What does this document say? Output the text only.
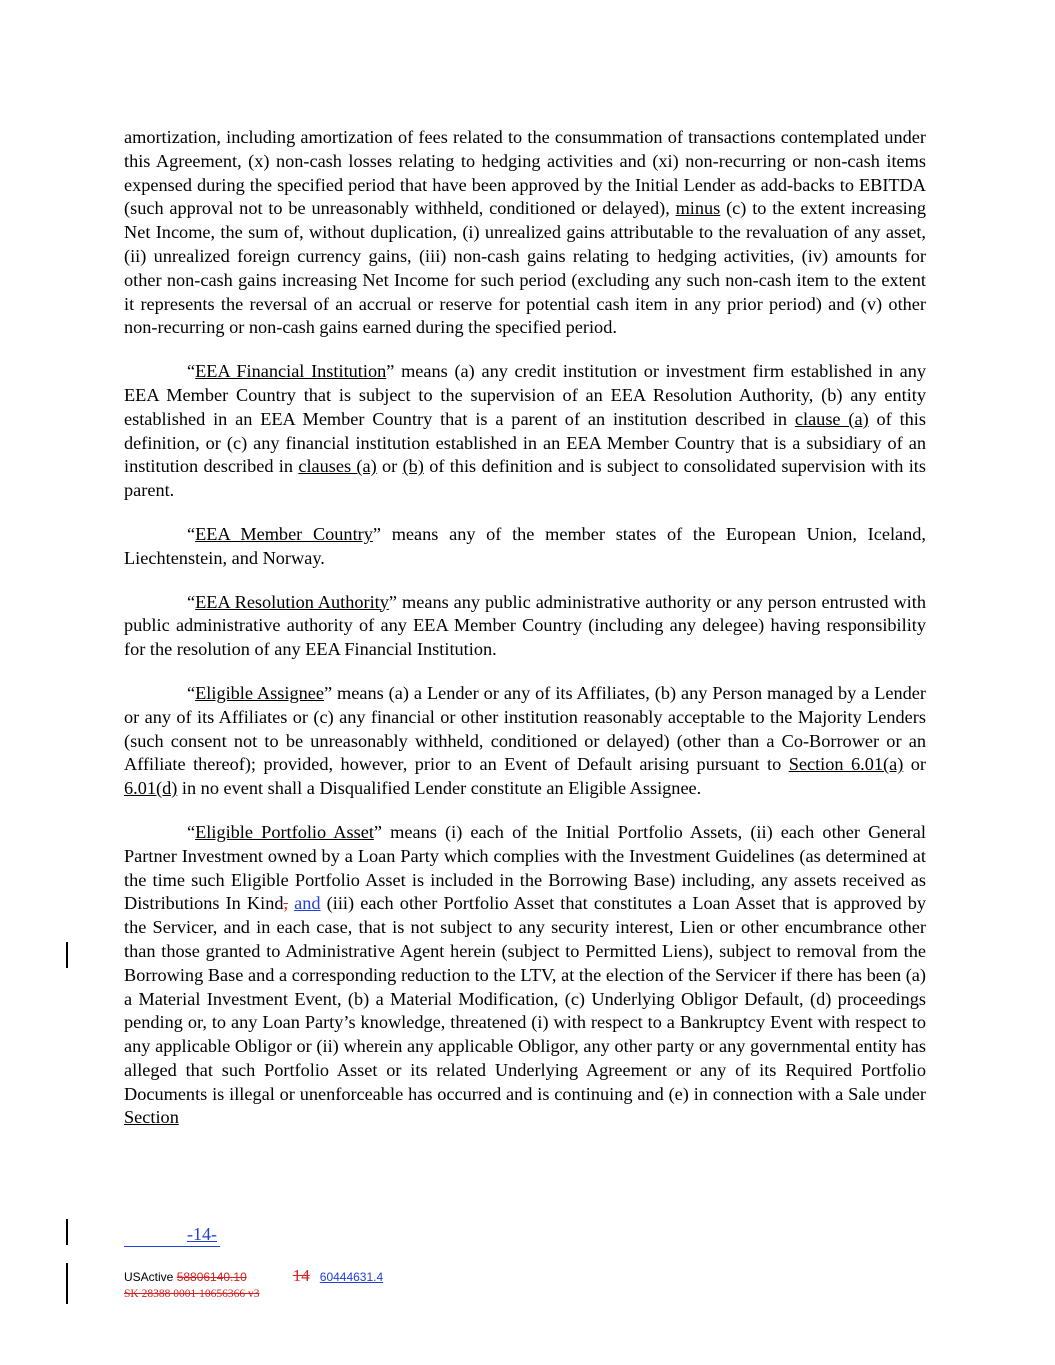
amortization, including amortization of fees related to the consummation of transactions contemplated under this Agreement, (x) non-cash losses relating to hedging activities and (xi) non-recurring or non-cash items expensed during the specified period that have been approved by the Initial Lender as add-backs to EBITDA (such approval not to be unreasonably withheld, conditioned or delayed), minus (c) to the extent increasing Net Income, the sum of, without duplication, (i) unrealized gains attributable to the revaluation of any asset, (ii) unrealized foreign currency gains, (iii) non-cash gains relating to hedging activities, (iv) amounts for other non-cash gains increasing Net Income for such period (excluding any such non-cash item to the extent it represents the reversal of an accrual or reserve for potential cash item in any prior period) and (v) other non-recurring or non-cash gains earned during the specified period.

“EEA Financial Institution” means (a) any credit institution or investment firm established in any EEA Member Country that is subject to the supervision of an EEA Resolution Authority, (b) any entity established in an EEA Member Country that is a parent of an institution described in clause (a) of this definition, or (c) any financial institution established in an EEA Member Country that is a subsidiary of an institution described in clauses (a) or (b) of this definition and is subject to consolidated supervision with its parent.

“EEA Member Country” means any of the member states of the European Union, Iceland, Liechtenstein, and Norway.

“EEA Resolution Authority” means any public administrative authority or any person entrusted with public administrative authority of any EEA Member Country (including any delegee) having responsibility for the resolution of any EEA Financial Institution.

“Eligible Assignee” means (a) a Lender or any of its Affiliates, (b) any Person managed by a Lender or any of its Affiliates or (c) any financial or other institution reasonably acceptable to the Majority Lenders (such consent not to be unreasonably withheld, conditioned or delayed) (other than a Co-Borrower or an Affiliate thereof); provided, however, prior to an Event of Default arising pursuant to Section 6.01(a) or 6.01(d) in no event shall a Disqualified Lender constitute an Eligible Assignee.

“Eligible Portfolio Asset” means (i) each of the Initial Portfolio Assets, (ii) each other General Partner Investment owned by a Loan Party which complies with the Investment Guidelines (as determined at the time such Eligible Portfolio Asset is included in the Borrowing Base) including, any assets received as Distributions In Kind, and (iii) each other Portfolio Asset that constitutes a Loan Asset that is approved by the Servicer, and in each case, that is not subject to any security interest, Lien or other encumbrance other than those granted to Administrative Agent herein (subject to Permitted Liens), subject to removal from the Borrowing Base and a corresponding reduction to the LTV, at the election of the Servicer if there has been (a) a Material Investment Event, (b) a Material Modification, (c) Underlying Obligor Default, (d) proceedings pending or, to any Loan Party’s knowledge, threatened (i) with respect to a Bankruptcy Event with respect to any applicable Obligor or (ii) wherein any applicable Obligor, any other party or any governmental entity has alleged that such Portfolio Asset or its related Underlying Agreement or any of its Required Portfolio Documents is illegal or unenforceable has occurred and is continuing and (e) in connection with a Sale under Section

-14-
USActive 58806140.10	14 60444631.4
SK 28388 0001 10656366 v3
